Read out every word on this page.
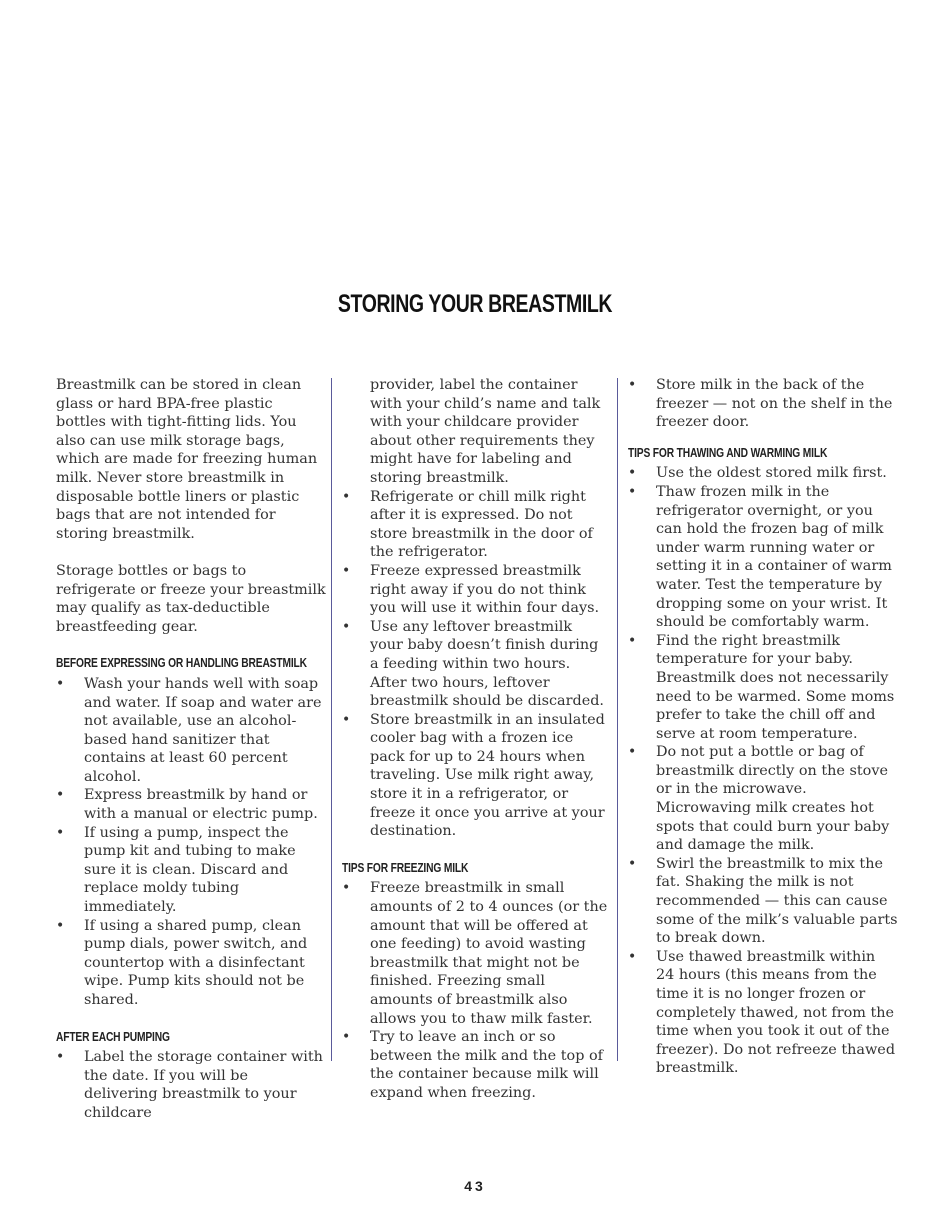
STORING YOUR BREASTMILK

Breastmilk can be stored in clean glass or hard BPA-free plastic bottles with tight-fitting lids. You also can use milk storage bags, which are made for freezing human milk. Never store breastmilk in disposable bottle liners or plastic bags that are not intended for storing breastmilk.

Storage bottles or bags to refrigerate or freeze your breastmilk may qualify as tax-deductible breastfeeding gear.

BEFORE EXPRESSING OR HANDLING BREASTMILK
• Wash your hands well with soap and water. If soap and water are not available, use an alcohol-based hand sanitizer that contains at least 60 percent alcohol.
• Express breastmilk by hand or with a manual or electric pump.
• If using a pump, inspect the pump kit and tubing to make sure it is clean. Discard and replace moldy tubing immediately.
• If using a shared pump, clean pump dials, power switch, and countertop with a disinfectant wipe. Pump kits should not be shared.
AFTER EACH PUMPING
• Label the storage container with the date. If you will be delivering breastmilk to your childcare
provider, label the container with your child’s name and talk with your childcare provider about other requirements they might have for labeling and storing breastmilk.
• Refrigerate or chill milk right after it is expressed. Do not store breastmilk in the door of the refrigerator.
• Freeze expressed breastmilk right away if you do not think you will use it within four days.
• Use any leftover breastmilk your baby doesn’t finish during a feeding within two hours. After two hours, leftover breastmilk should be discarded.
• Store breastmilk in an insulated cooler bag with a frozen ice pack for up to 24 hours when traveling. Use milk right away, store it in a refrigerator, or freeze it once you arrive at your destination.
TIPS FOR FREEZING MILK
• Freeze breastmilk in small amounts of 2 to 4 ounces (or the amount that will be offered at one feeding) to avoid wasting breastmilk that might not be finished. Freezing small amounts of breastmilk also allows you to thaw milk faster.
• Try to leave an inch or so between the milk and the top of the container because milk will expand when freezing.
• Store milk in the back of the freezer — not on the shelf in the freezer door.
TIPS FOR THAWING AND WARMING MILK
• Use the oldest stored milk first.
• Thaw frozen milk in the refrigerator overnight, or you can hold the frozen bag of milk under warm running water or setting it in a container of warm water. Test the temperature by dropping some on your wrist. It should be comfortably warm.
• Find the right breastmilk temperature for your baby. Breastmilk does not necessarily need to be warmed. Some moms prefer to take the chill off and serve at room temperature.
• Do not put a bottle or bag of breastmilk directly on the stove or in the microwave. Microwaving milk creates hot spots that could burn your baby and damage the milk.
• Swirl the breastmilk to mix the fat. Shaking the milk is not recommended — this can cause some of the milk’s valuable parts to break down.
• Use thawed breastmilk within 24 hours (this means from the time it is no longer frozen or completely thawed, not from the time when you took it out of the freezer). Do not refreeze thawed breastmilk.
43
